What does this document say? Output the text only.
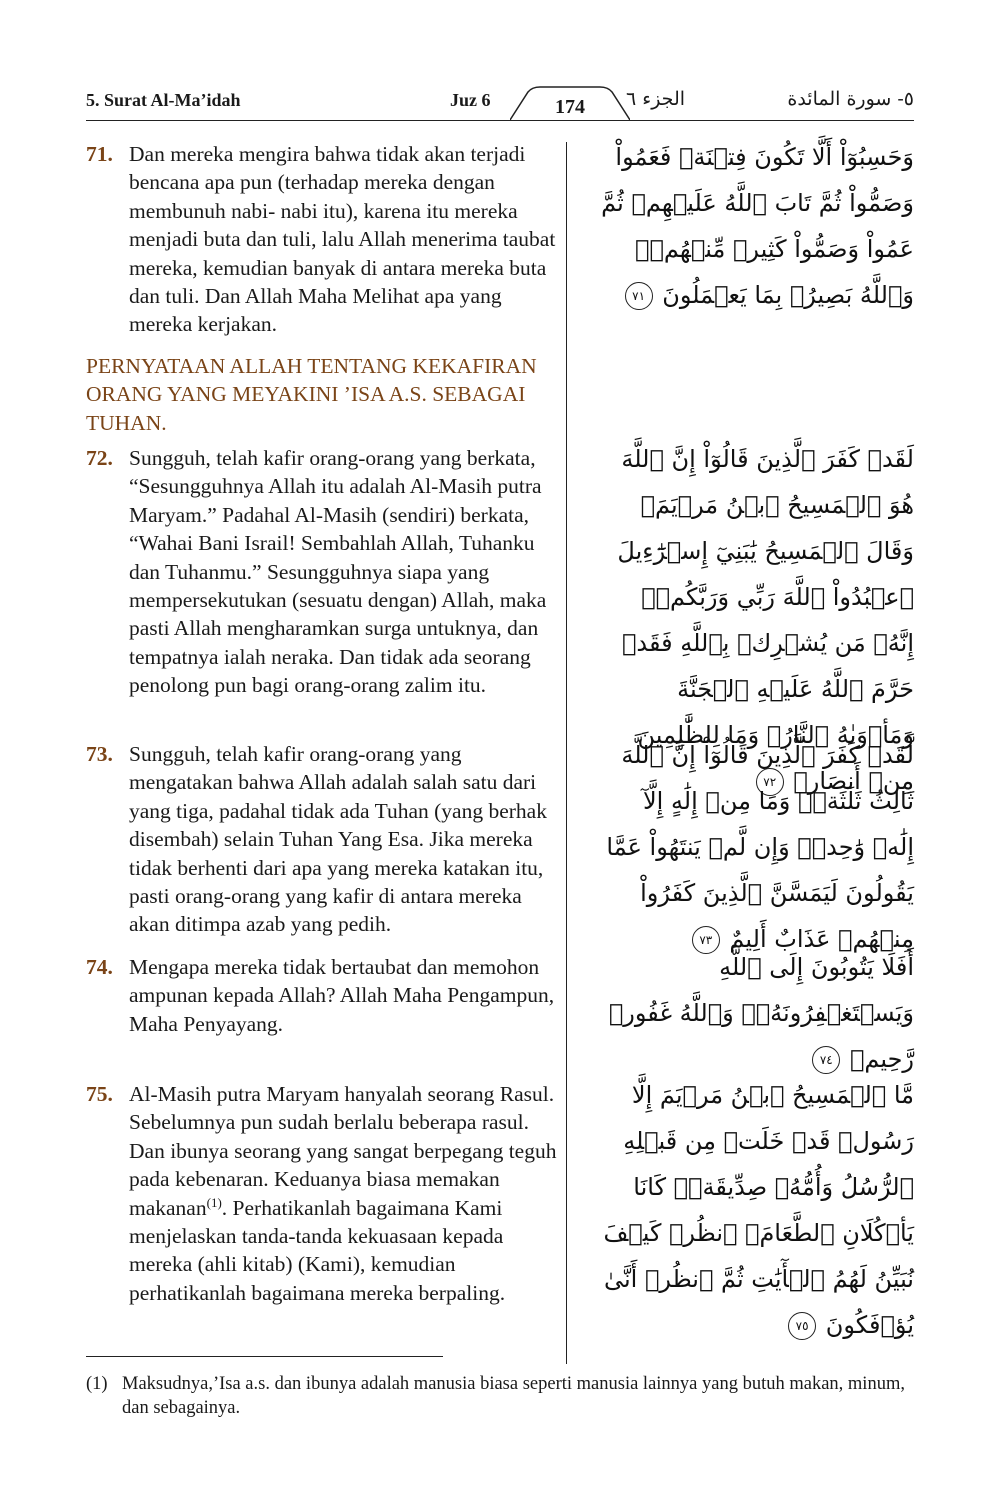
5. Surat Al-Ma’idah	Juz 6	174	الجزء ٦	٥- سورة المائدة
71. Dan mereka mengira bahwa tidak akan terjadi bencana apa pun (terhadap mereka dengan membunuh nabi- nabi itu), karena itu mereka menjadi buta dan tuli, lalu Allah menerima taubat mereka, kemudian banyak di antara mereka buta dan tuli. Dan Allah Maha Melihat apa yang mereka kerjakan.
PERNYATAAN ALLAH TENTANG KEKAFIRAN ORANG YANG MEYAKINI ’ISA A.S. SEBAGAI TUHAN.
72. Sungguh, telah kafir orang-orang yang berkata, “Sesungguhnya Allah itu adalah Al-Masih putra Maryam.” Padahal Al-Masih (sendiri) berkata, “Wahai Bani Israil! Sembahlah Allah, Tuhanku dan Tuhanmu.” Sesungguhnya siapa yang mempersekutukan (sesuatu dengan) Allah, maka pasti Allah mengharamkan surga untuknya, dan tempatnya ialah neraka. Dan tidak ada seorang penolong pun bagi orang-orang zalim itu.
73. Sungguh, telah kafir orang-orang yang mengatakan bahwa Allah adalah salah satu dari yang tiga, padahal tidak ada Tuhan (yang berhak disembah) selain Tuhan Yang Esa. Jika mereka tidak berhenti dari apa yang mereka katakan itu, pasti orang-orang yang kafir di antara mereka akan ditimpa azab yang pedih.
74. Mengapa mereka tidak bertaubat dan memohon ampunan kepada Allah? Allah Maha Pengampun, Maha Penyayang.
75. Al-Masih putra Maryam hanyalah seorang Rasul. Sebelumnya pun sudah berlalu beberapa rasul. Dan ibunya seorang yang sangat berpegang teguh pada kebenaran. Keduanya biasa memakan makanan$^{(1)}$. Perhatikanlah bagaimana Kami menjelaskan tanda-tanda kekuasaan kepada mereka (ahli kitab) (Kami), kemudian perhatikanlah bagaimana mereka berpaling.
وَحَسِبُوٓاْ أَلَّا تَكُونَ فِتۡنَةٞ فَعَمُواْ وَصَمُّواْ ثُمَّ تَابَ ٱللَّهُ عَلَيۡهِمۡ ثُمَّ عَمُواْ وَصَمُّواْ كَثِيرٞ مِّنۡهُمۡۚ وَٱللَّهُ بَصِيرُۢ بِمَا يَعۡمَلُونَ ٧١
لَقَدۡ كَفَرَ ٱلَّذِينَ قَالُوٓاْ إِنَّ ٱللَّهَ هُوَ ٱلۡمَسِيحُ ٱبۡنُ مَرۡيَمَۖ وَقَالَ ٱلۡمَسِيحُ يَٰبَنِيٓ إِسۡرَٰٓءِيلَ ٱعۡبُدُواْ ٱللَّهَ رَبِّي وَرَبَّكُمۡۖ إِنَّهُۥ مَن يُشۡرِكۡ بِٱللَّهِ فَقَدۡ حَرَّمَ ٱللَّهُ عَلَيۡهِ ٱلۡجَنَّةَ وَمَأۡوَىٰهُ ٱلنَّارُۖ وَمَا لِلظَّٰلِمِينَ مِنۡ أَنصَارٖ ٧٢
لَّقَدۡ كَفَرَ ٱلَّذِينَ قَالُوٓاْ إِنَّ ٱللَّهَ ثَالِثُ ثَلَٰثَةٖۘ وَمَا مِنۡ إِلَٰهٍ إِلَّآ إِلَٰهٞ وَٰحِدٞۚ وَإِن لَّمۡ يَنتَهُواْ عَمَّا يَقُولُونَ لَيَمَسَّنَّ ٱلَّذِينَ كَفَرُواْ مِنۡهُمۡ عَذَابٌ أَلِيمٌ ٧٣
أَفَلَا يَتُوبُونَ إِلَى ٱللَّهِ وَيَسۡتَغۡفِرُونَهُۥۚ وَٱللَّهُ غَفُورٞ رَّحِيمٞ ٧٤
مَّا ٱلۡمَسِيحُ ٱبۡنُ مَرۡيَمَ إِلَّا رَسُولٞ قَدۡ خَلَتۡ مِن قَبۡلِهِ ٱلرُّسُلُ وَأُمُّهُۥ صِدِّيقَةٞۖ كَانَا يَأۡكُلَانِ ٱلطَّعَامَۗ ٱنظُرۡ كَيۡفَ نُبَيِّنُ لَهُمُ ٱلۡأٓيَٰتِ ثُمَّ ٱنظُرۡ أَنَّىٰ يُؤۡفَكُونَ ٧٥
(1) Maksudnya,’Isa a.s. dan ibunya adalah manusia biasa seperti manusia lainnya yang butuh makan, minum, dan sebagainya.
